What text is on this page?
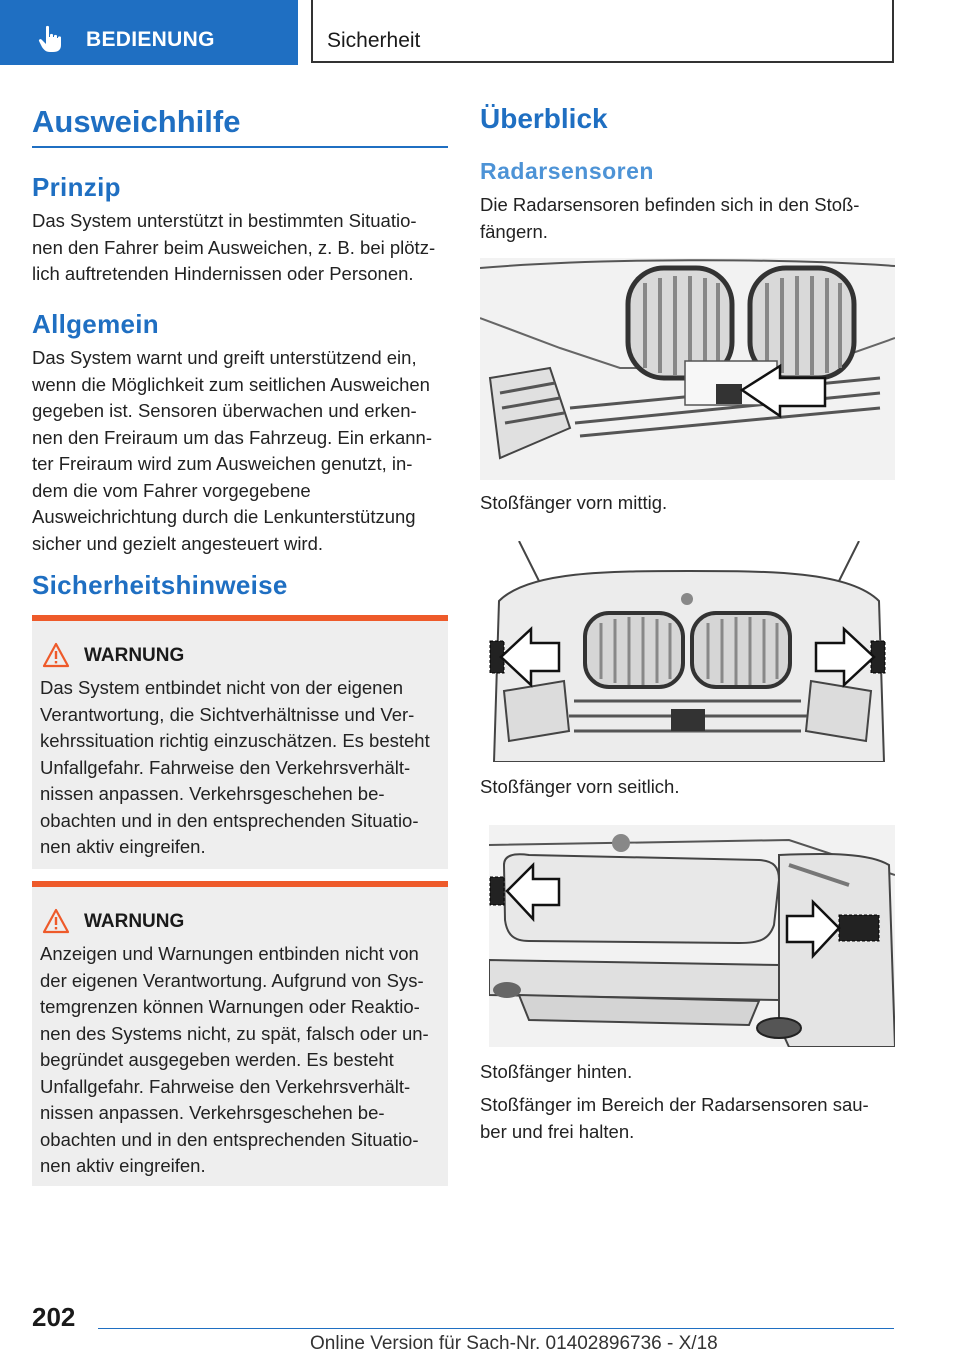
BEDIENUNG	Sicherheit
Ausweichhilfe
Prinzip
Das System unterstützt in bestimmten Situatio‐
nen den Fahrer beim Ausweichen, z. B. bei plötz‐
lich auftretenden Hindernissen oder Personen.
Allgemein
Das System warnt und greift unterstützend ein,
wenn die Möglichkeit zum seitlichen Ausweichen
gegeben ist. Sensoren überwachen und erken‐
nen den Freiraum um das Fahrzeug. Ein erkann‐
ter Freiraum wird zum Ausweichen genutzt, in‐
dem die vom Fahrer vorgegebene
Ausweichrichtung durch die Lenkunterstützung
sicher und gezielt angesteuert wird.
Sicherheitshinweise
WARNUNG
Das System entbindet nicht von der eigenen
Verantwortung, die Sichtverhältnisse und Ver‐
kehrssituation richtig einzuschätzen. Es besteht
Unfallgefahr. Fahrweise den Verkehrsverhält‐
nissen anpassen. Verkehrsgeschehen be‐
obachten und in den entsprechenden Situatio‐
nen aktiv eingreifen.
WARNUNG
Anzeigen und Warnungen entbinden nicht von
der eigenen Verantwortung. Aufgrund von Sys‐
temgrenzen können Warnungen oder Reaktio‐
nen des Systems nicht, zu spät, falsch oder un‐
begründet ausgegeben werden. Es besteht
Unfallgefahr. Fahrweise den Verkehrsverhält‐
nissen anpassen. Verkehrsgeschehen be‐
obachten und in den entsprechenden Situatio‐
nen aktiv eingreifen.
Überblick
Radarsensoren
Die Radarsensoren befinden sich in den Stoß‐
fängern.
Stoßfänger vorn mittig.
Stoßfänger vorn seitlich.
Stoßfänger hinten.
Stoßfänger im Bereich der Radarsensoren sau‐
ber und frei halten.
202
Online Version für Sach-Nr. 01402896736 - X/18
